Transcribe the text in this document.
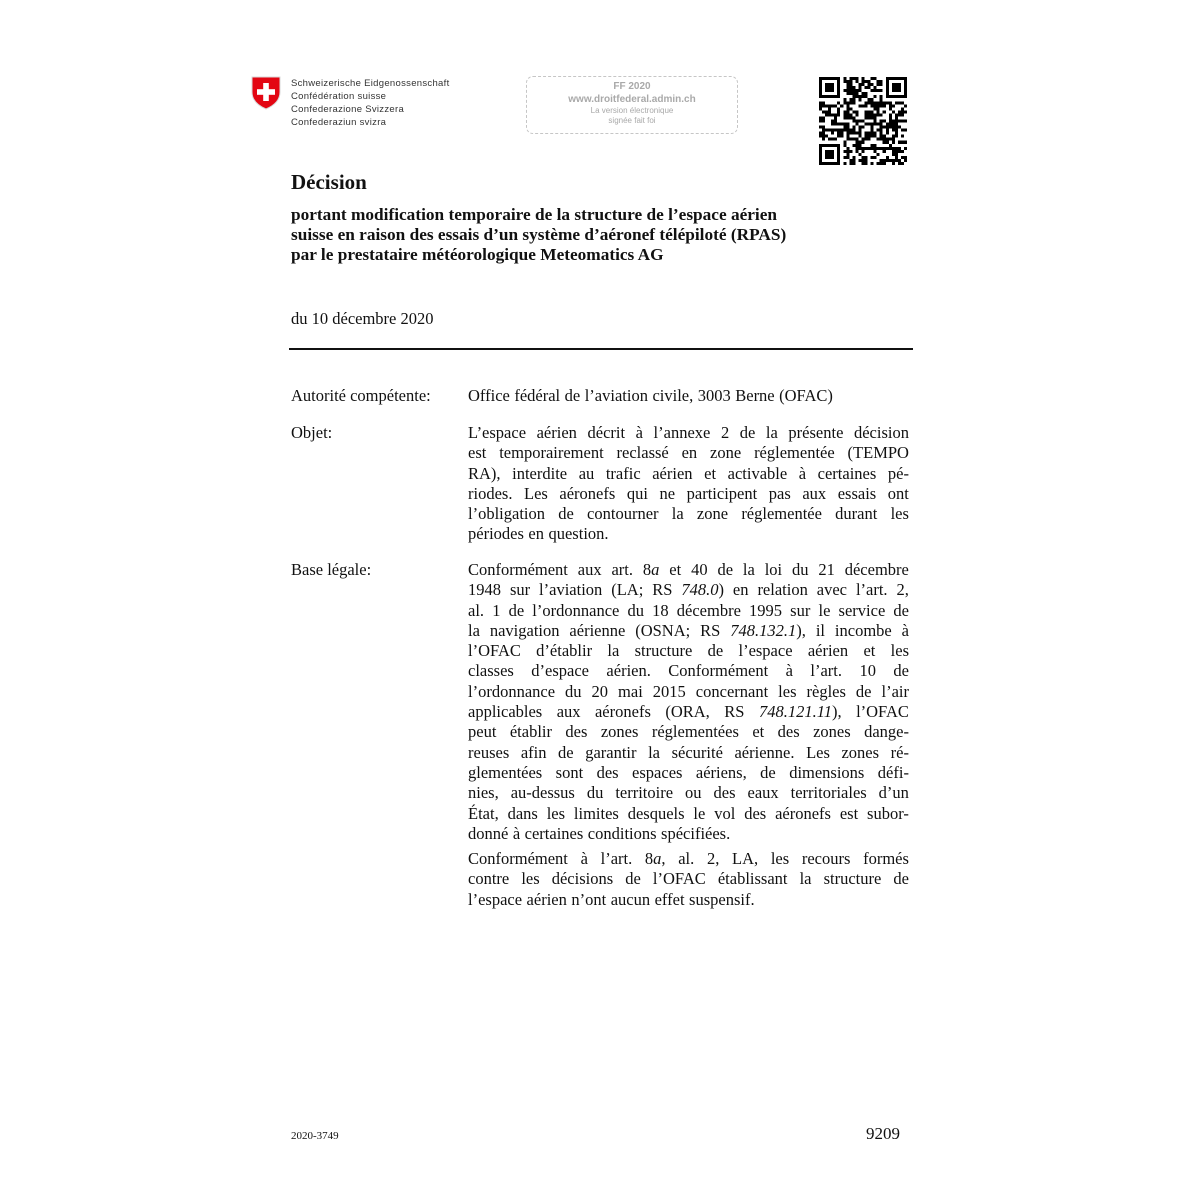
Schweizerische Eidgenossenschaft
Confédération suisse
Confederazione Svizzera
Confederaziun svizra
FF 2020
www.droitfederal.admin.ch
La version électronique
signée fait foi
Décision
portant modification temporaire de la structure de l’espace aérien
suisse en raison des essais d’un système d’aéronef télépiloté (RPAS)
par le prestataire météorologique Meteomatics AG
du 10 décembre 2020
Autorité compétente: Office fédéral de l’aviation civile, 3003 Berne (OFAC)
Objet:	L’espace aérien décrit à l’annexe 2 de la présente décision
est temporairement reclassé en zone réglementée (TEMPO
RA), interdite au trafic aérien et activable à certaines pé-
riodes. Les aéronefs qui ne participent pas aux essais ont
l’obligation de contourner la zone réglementée durant les
périodes en question.
Base légale:	Conformément aux art. 8a et 40 de la loi du 21 décembre
1948 sur l’aviation (LA; RS 748.0) en relation avec l’art. 2,
al. 1 de l’ordonnance du 18 décembre 1995 sur le service de
la navigation aérienne (OSNA; RS 748.132.1), il incombe à
l’OFAC d’établir la structure de l’espace aérien et les
classes d’espace aérien. Conformément à l’art. 10 de
l’ordonnance du 20 mai 2015 concernant les règles de l’air
applicables aux aéronefs (ORA, RS 748.121.11), l’OFAC
peut établir des zones réglementées et des zones dange-
reuses afin de garantir la sécurité aérienne. Les zones ré-
glementées sont des espaces aériens, de dimensions défi-
nies, au-dessus du territoire ou des eaux territoriales d’un
État, dans les limites desquels le vol des aéronefs est subor-
donné à certaines conditions spécifiées.
Conformément à l’art. 8a, al. 2, LA, les recours formés
contre les décisions de l’OFAC établissant la structure de
l’espace aérien n’ont aucun effet suspensif.
2020-3749	9209
